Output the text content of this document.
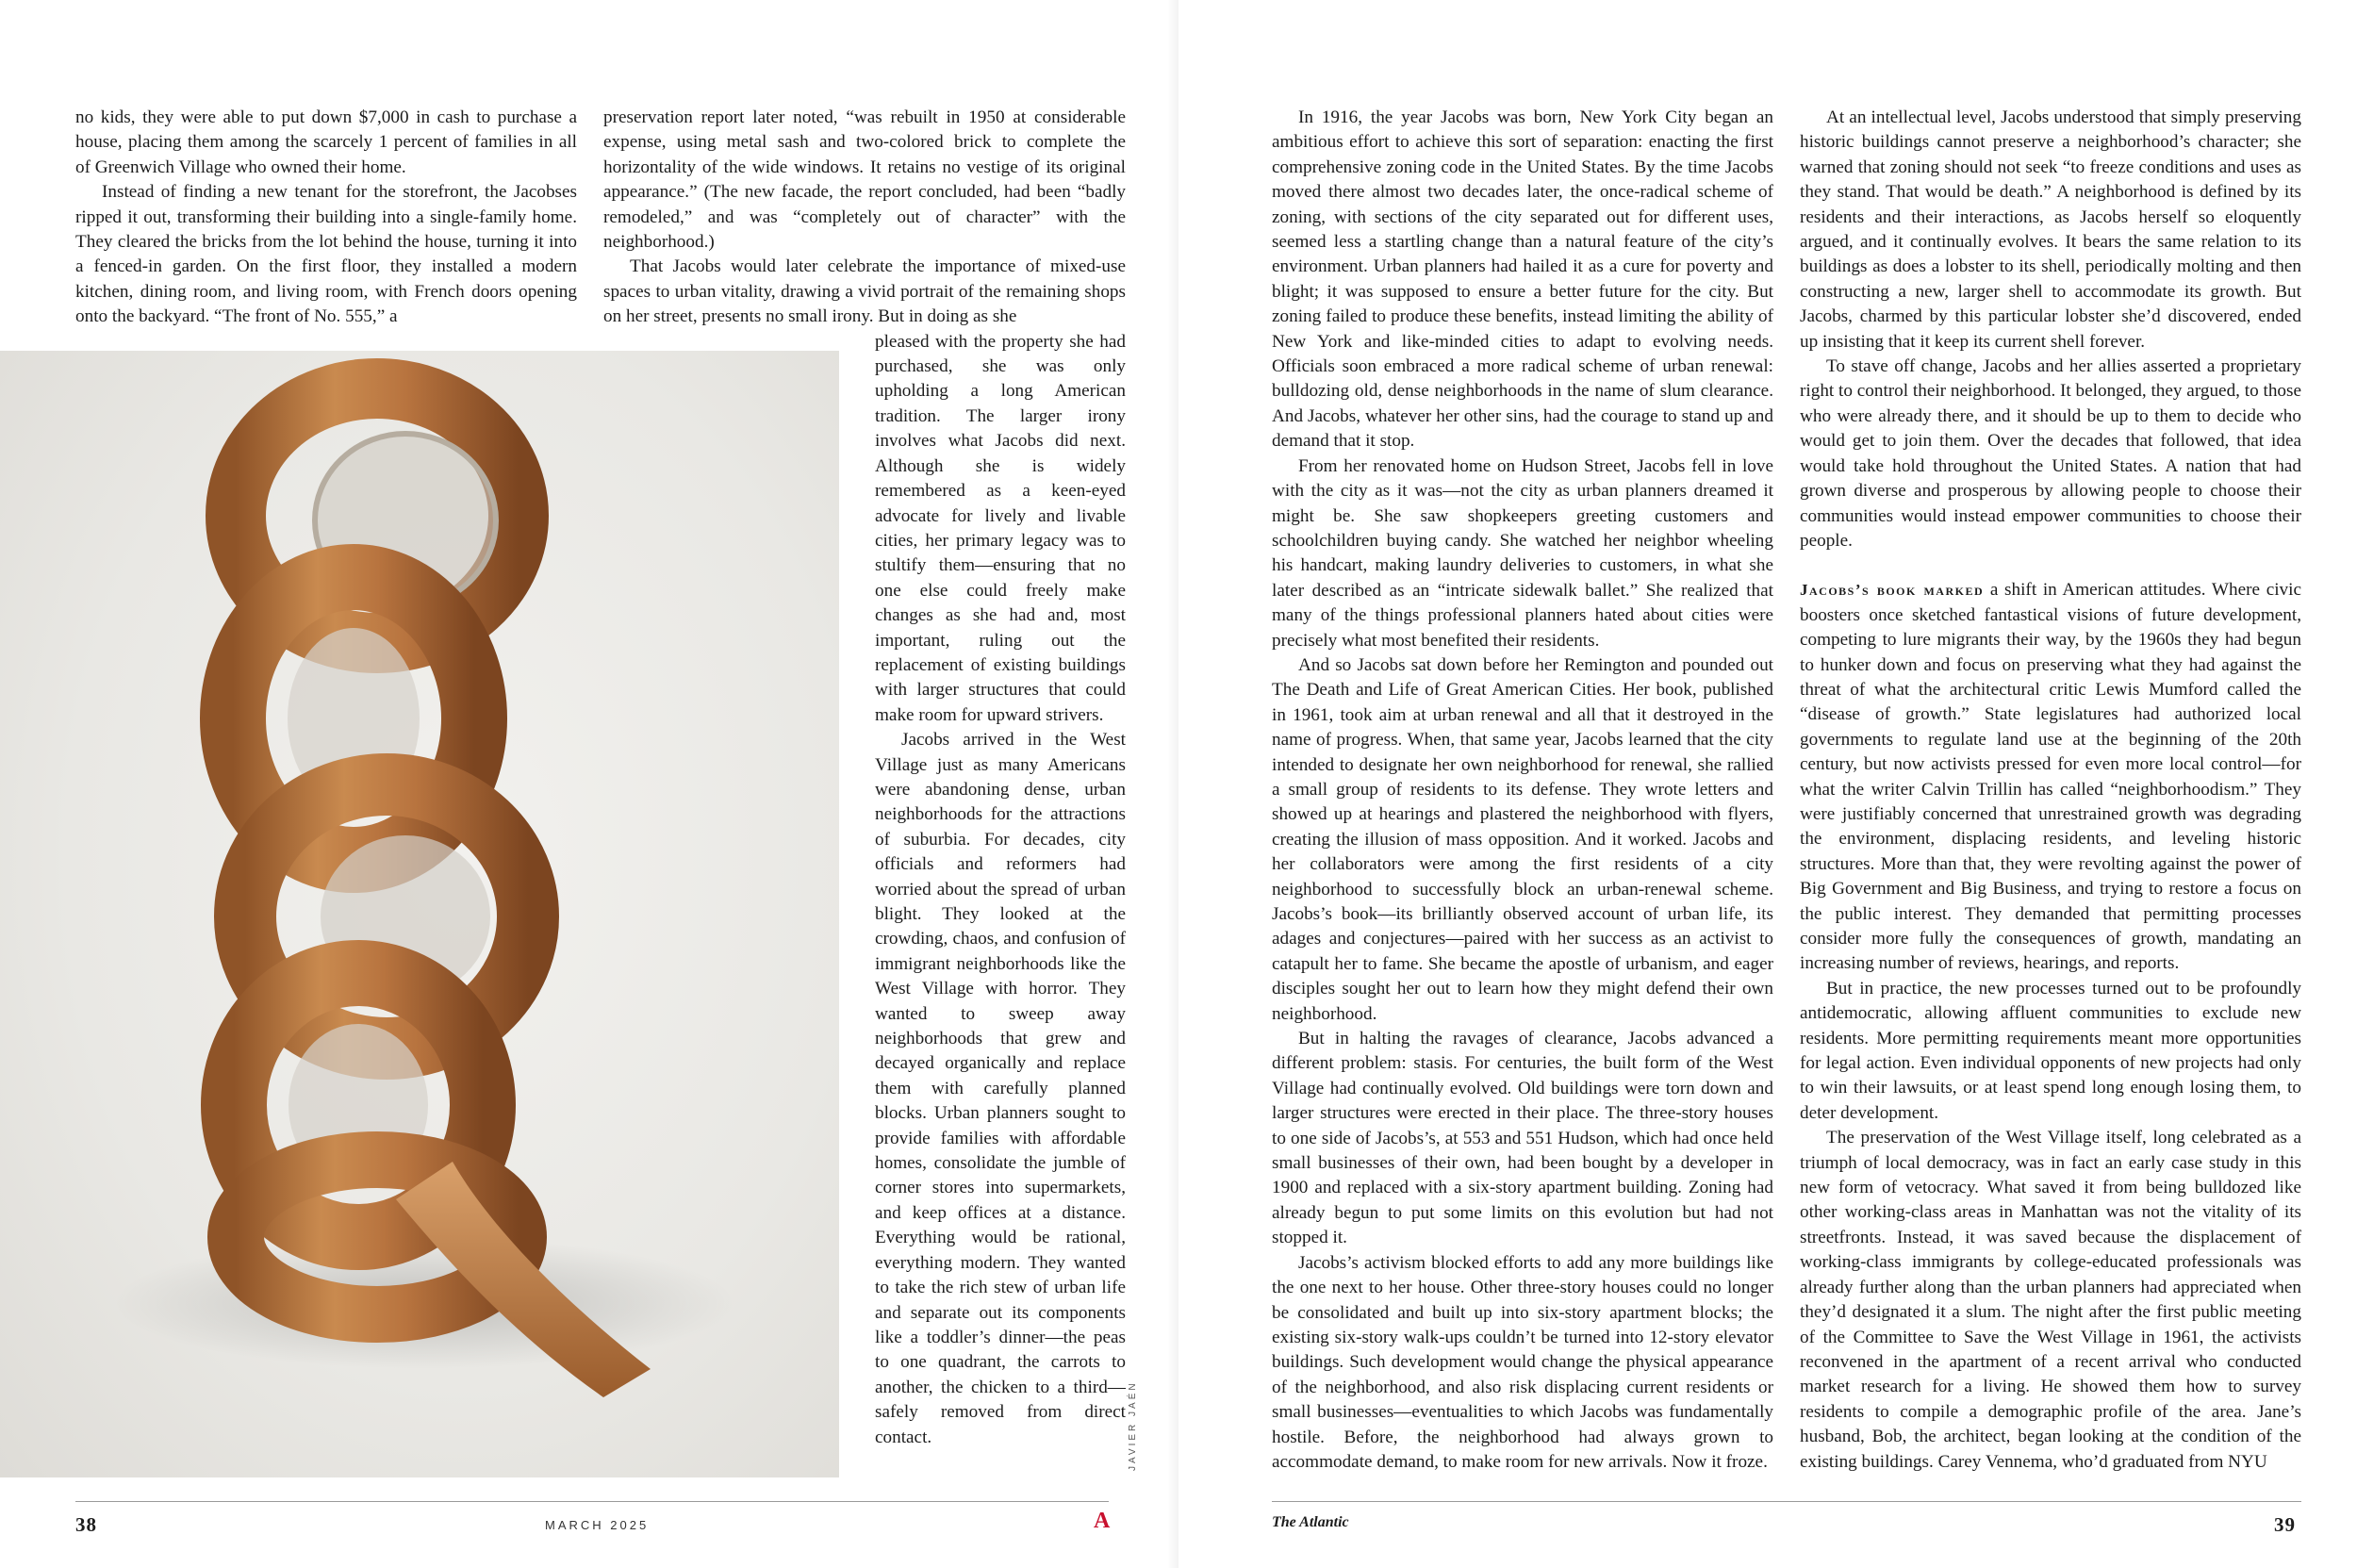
no kids, they were able to put down $7,000 in cash to purchase a house, placing them among the scarcely 1 percent of families in all of Greenwich Village who owned their home.

Instead of finding a new tenant for the storefront, the Jacobses ripped it out, transforming their building into a single-family home. They cleared the bricks from the lot behind the house, turning it into a fenced-in garden. On the first floor, they installed a modern kitchen, dining room, and living room, with French doors opening onto the backyard. “The front of No. 555,” a

preservation report later noted, “was rebuilt in 1950 at considerable expense, using metal sash and two-colored brick to complete the horizontality of the wide windows. It retains no vestige of its original appearance.” (The new facade, the report concluded, had been “badly remodeled,” and was “completely out of character” with the neighborhood.)

That Jacobs would later celebrate the importance of mixed-use spaces to urban vitality, drawing a vivid portrait of the remaining shops on her street, presents no small irony. But in doing as she

pleased with the property she had purchased, she was only upholding a long American tradition. The larger irony involves what Jacobs did next. Although she is widely remembered as a keen-eyed advocate for lively and livable cities, her primary legacy was to stultify them—ensuring that no one else could freely make changes as she had and, most important, ruling out the replacement of existing buildings with larger structures that could make room for upward strivers.

Jacobs arrived in the West Village just as many Americans were abandoning dense, urban neighborhoods for the attractions of suburbia. For decades, city officials and reformers had worried about the spread of urban blight. They looked at the crowding, chaos, and confusion of immigrant neighborhoods like the West Village with horror. They wanted to sweep away neighborhoods that grew and decayed organically and replace them with carefully planned blocks. Urban planners sought to provide families with affordable homes, consolidate the jumble of corner stores into supermarkets, and keep offices at a distance. Everything would be rational, everything modern. They wanted to take the rich stew of urban life and separate out its components like a toddler’s dinner—the peas to one quadrant, the carrots to another, the chicken to a third—safely removed from direct contact.	JAVIER JAÉN
38	MARCH 2025	A

In 1916, the year Jacobs was born, New York City began an ambitious effort to achieve this sort of separation: enacting the first comprehensive zoning code in the United States. By the time Jacobs moved there almost two decades later, the once-radical scheme of zoning, with sections of the city separated out for different uses, seemed less a startling change than a natural feature of the city’s environment. Urban planners had hailed it as a cure for poverty and blight; it was supposed to ensure a better future for the city. But zoning failed to produce these benefits, instead limiting the ability of New York and like-minded cities to adapt to evolving needs. Officials soon embraced a more radical scheme of urban renewal: bulldozing old, dense neighborhoods in the name of slum clearance. And Jacobs, whatever her other sins, had the courage to stand up and demand that it stop.

From her renovated home on Hudson Street, Jacobs fell in love with the city as it was—not the city as urban planners dreamed it might be. She saw shopkeepers greeting customers and schoolchildren buying candy. She watched her neighbor wheeling his handcart, making laundry deliveries to customers, in what she later described as an “intricate sidewalk ballet.” She realized that many of the things professional planners hated about cities were precisely what most benefited their residents.

And so Jacobs sat down before her Remington and pounded out The Death and Life of Great American Cities. Her book, published in 1961, took aim at urban renewal and all that it destroyed in the name of progress. When, that same year, Jacobs learned that the city intended to designate her own neighborhood for renewal, she rallied a small group of residents to its defense. They wrote letters and showed up at hearings and plastered the neighborhood with flyers, creating the illusion of mass opposition. And it worked. Jacobs and her collaborators were among the first residents of a city neighborhood to successfully block an urban-renewal scheme. Jacobs’s book—its brilliantly observed account of urban life, its adages and conjectures—paired with her success as an activist to catapult her to fame. She became the apostle of urbanism, and eager disciples sought her out to learn how they might defend their own neighborhood.

But in halting the ravages of clearance, Jacobs advanced a different problem: stasis. For centuries, the built form of the West Village had continually evolved. Old buildings were torn down and larger structures were erected in their place. The three-story houses to one side of Jacobs’s, at 553 and 551 Hudson, which had once held small businesses of their own, had been bought by a developer in 1900 and replaced with a six-story apartment building. Zoning had already begun to put some limits on this evolution but had not stopped it.

Jacobs’s activism blocked efforts to add any more buildings like the one next to her house. Other three-story houses could no longer be consolidated and built up into six-story apartment blocks; the existing six-story walk-ups couldn’t be turned into 12-story elevator buildings. Such development would change the physical appearance of the neighborhood, and also risk displacing current residents or small businesses—eventualities to which Jacobs was fundamentally hostile. Before, the neighborhood had always grown to accommodate demand, to make room for new arrivals. Now it froze.

At an intellectual level, Jacobs understood that simply preserving historic buildings cannot preserve a neighborhood’s character; she warned that zoning should not seek “to freeze conditions and uses as they stand. That would be death.” A neighborhood is defined by its residents and their interactions, as Jacobs herself so eloquently argued, and it continually evolves. It bears the same relation to its buildings as does a lobster to its shell, periodically molting and then constructing a new, larger shell to accommodate its growth. But Jacobs, charmed by this particular lobster she’d discovered, ended up insisting that it keep its current shell forever.

To stave off change, Jacobs and her allies asserted a proprietary right to control their neighborhood. It belonged, they argued, to those who were already there, and it should be up to them to decide who would get to join them. Over the decades that followed, that idea would take hold throughout the United States. A nation that had grown diverse and prosperous by allowing people to choose their communities would instead empower communities to choose their people.

Jacobs’s book marked a shift in American attitudes. Where civic boosters once sketched fantastical visions of future development, competing to lure migrants their way, by the 1960s they had begun to hunker down and focus on preserving what they had against the threat of what the architectural critic Lewis Mumford called the “disease of growth.” State legislatures had authorized local governments to regulate land use at the beginning of the 20th century, but now activists pressed for even more local control—for what the writer Calvin Trillin has called “neighborhoodism.” They were justifiably concerned that unrestrained growth was degrading the environment, displacing residents, and leveling historic structures. More than that, they were revolting against the power of Big Government and Big Business, and trying to restore a focus on the public interest. They demanded that permitting processes consider more fully the consequences of growth, mandating an increasing number of reviews, hearings, and reports.

But in practice, the new processes turned out to be profoundly antidemocratic, allowing affluent communities to exclude new residents. More permitting requirements meant more opportunities for legal action. Even individual opponents of new projects had only to win their lawsuits, or at least spend long enough losing them, to deter development.

The preservation of the West Village itself, long celebrated as a triumph of local democracy, was in fact an early case study in this new form of vetocracy. What saved it from being bulldozed like other working-class areas in Manhattan was not the vitality of its streetfronts. Instead, it was saved because the displacement of working-class immigrants by college-educated professionals was already further along than the urban planners had appreciated when they’d designated it a slum. The night after the first public meeting of the Committee to Save the West Village in 1961, the activists reconvened in the apartment of a recent arrival who conducted market research for a living. He showed them how to survey residents to compile a demographic profile of the area. Jane’s husband, Bob, the architect, began looking at the condition of the existing buildings. Carey Vennema, who’d graduated from NYU

The Atlantic	39
